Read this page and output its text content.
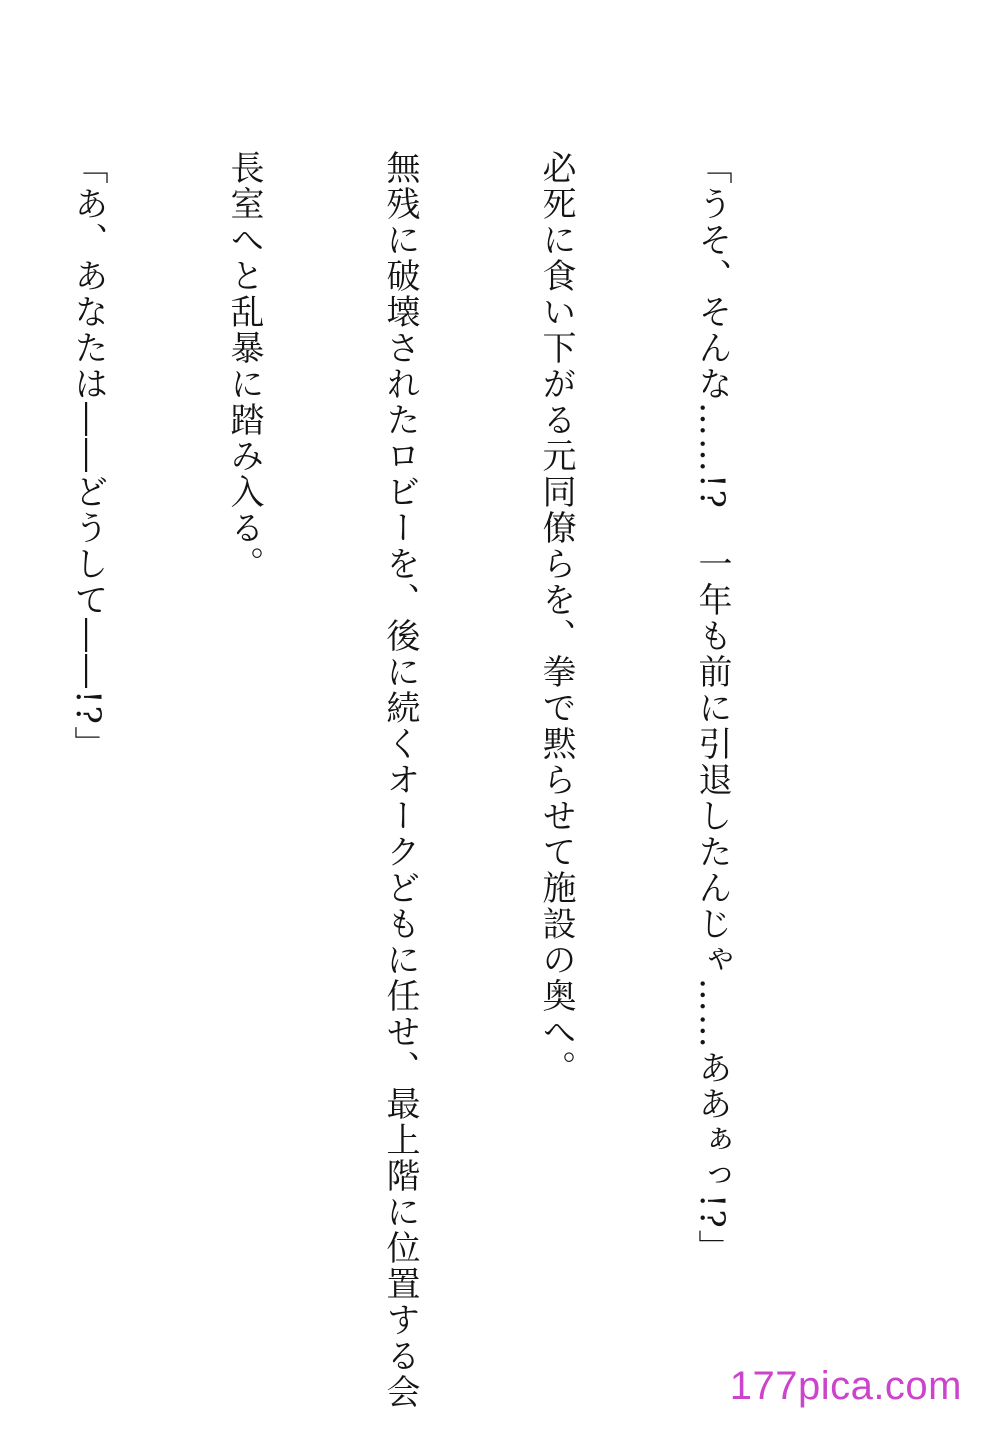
「うそ、そんな……!?　一年も前に引退したんじゃ……ああぁっ!?」

必死に食い下がる元同僚らを、拳で黙らせて施設の奥へ。

無残に破壊されたロビーを、後に続くオークどもに任せ、最上階に位置する会

長室へと乱暴に踏み入る。

「あ、あなたは――どうして――!?」

177pica.com
